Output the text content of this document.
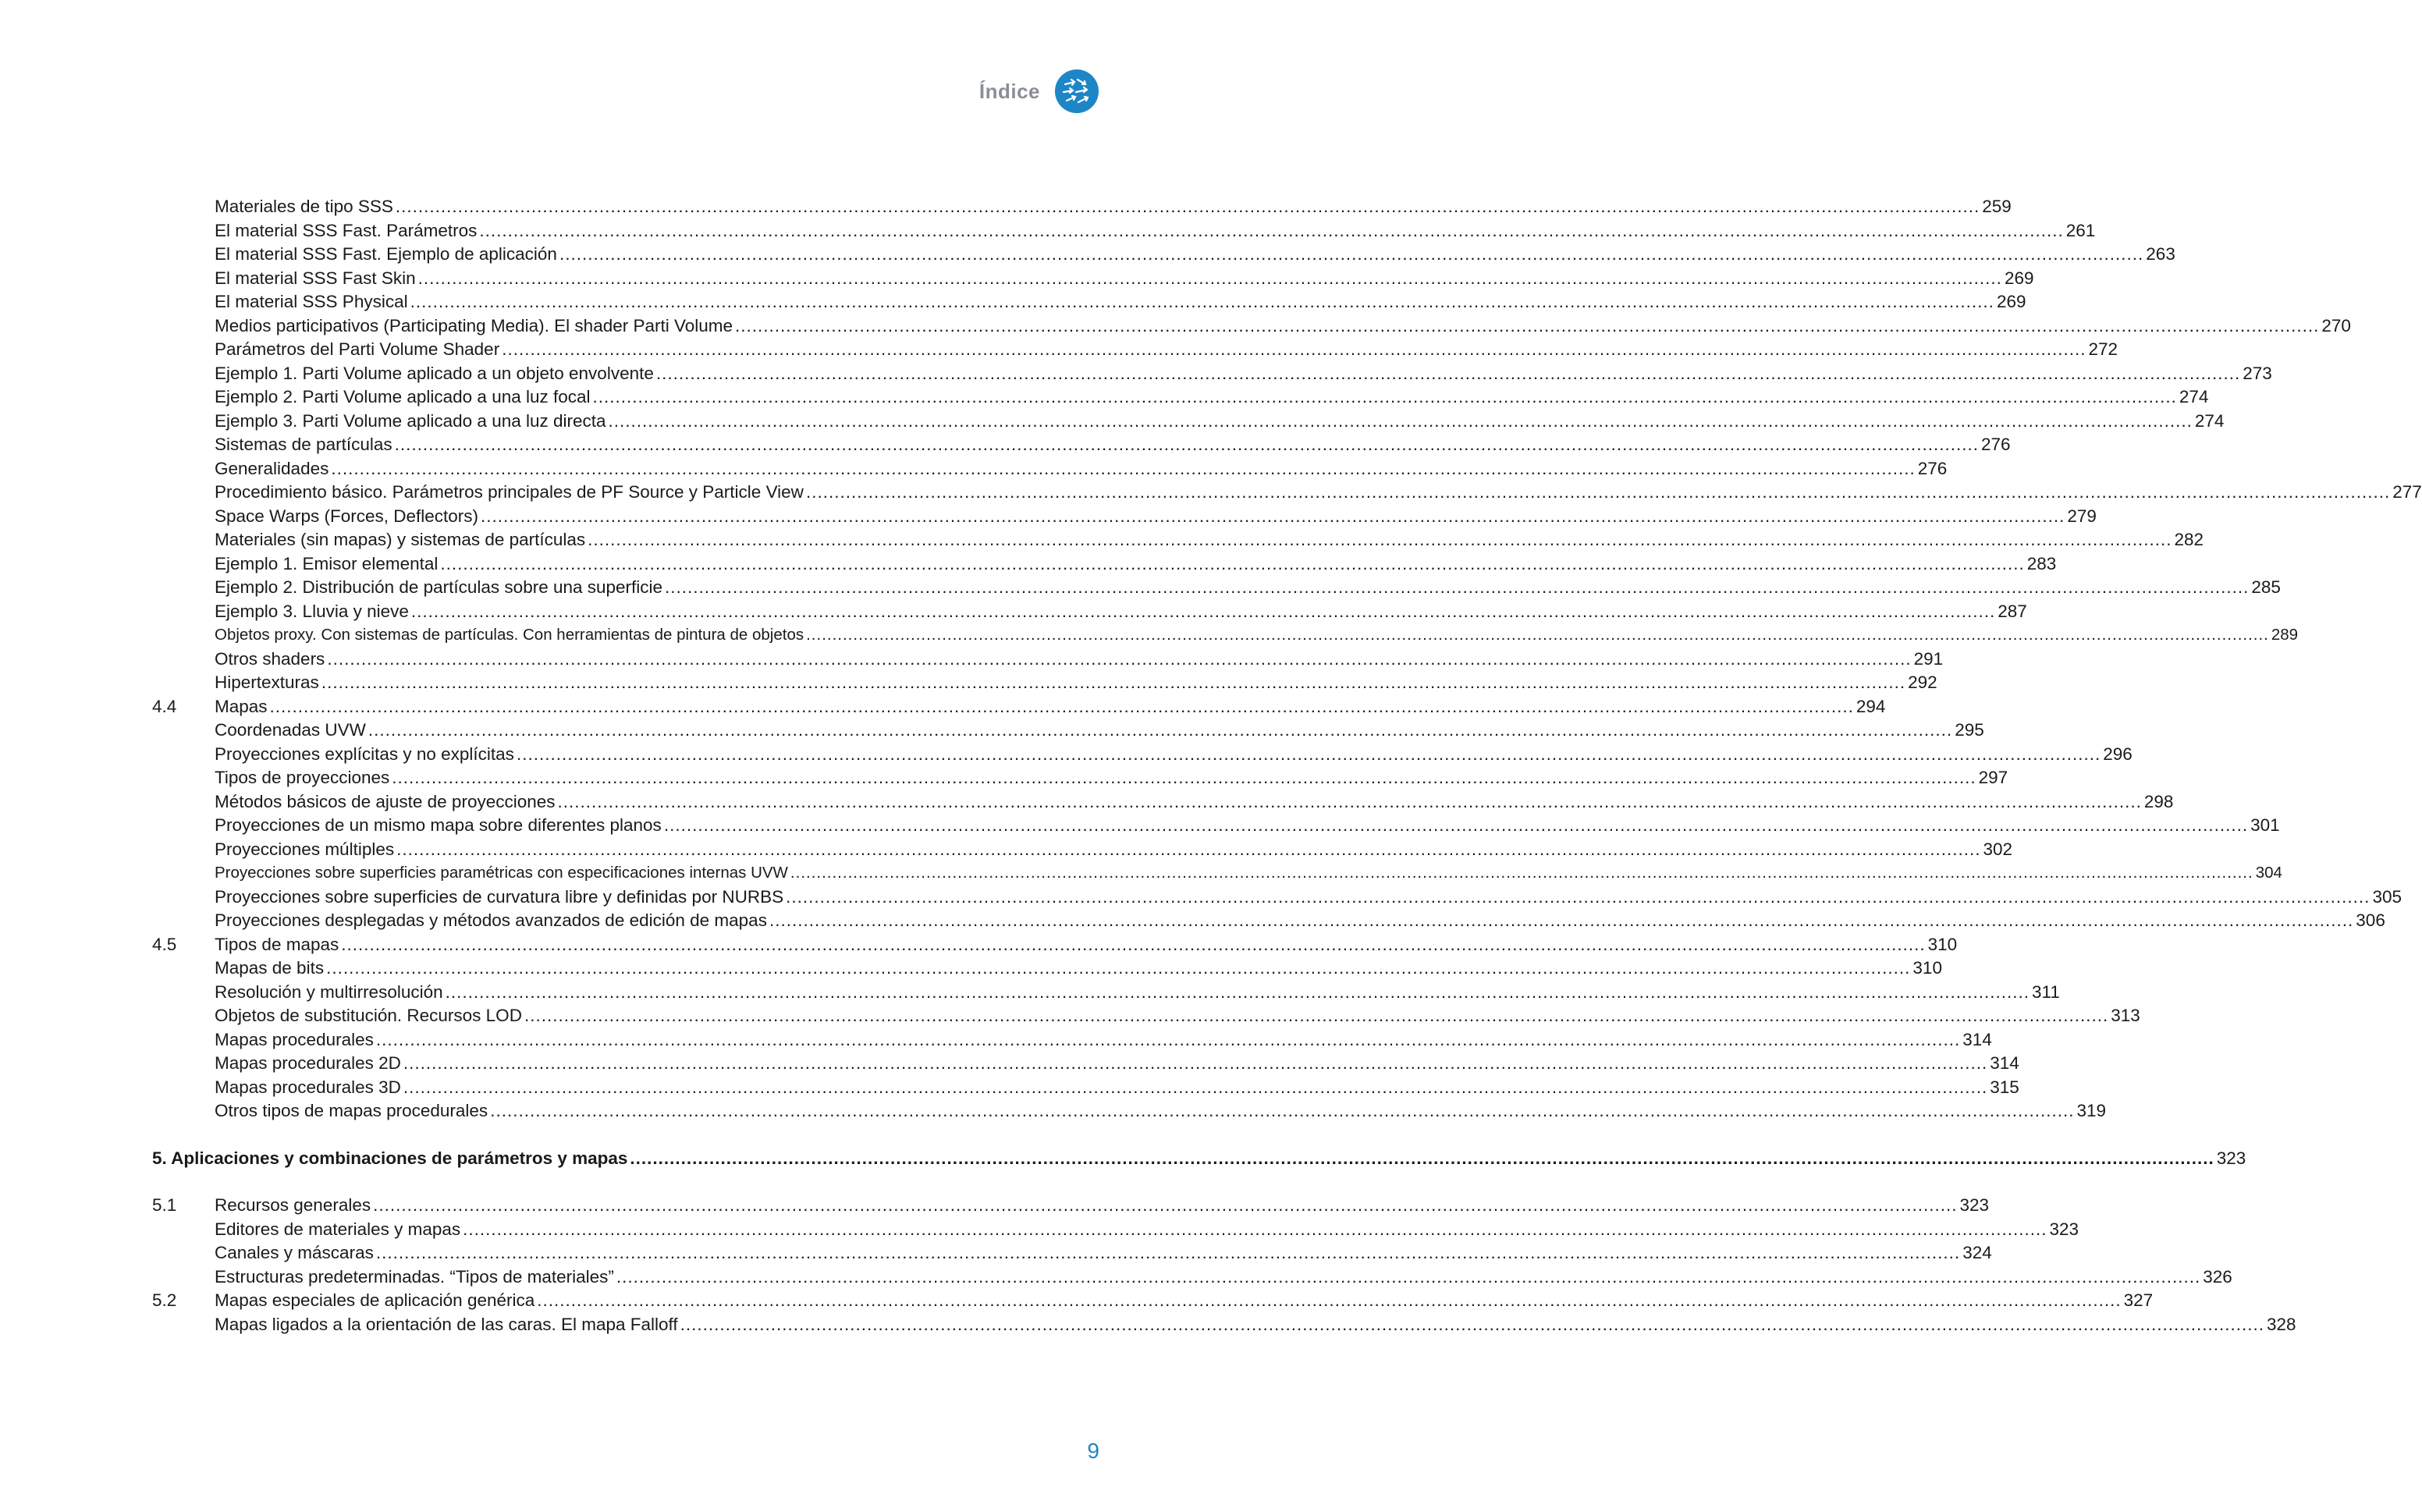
Índice
Materiales de tipo SSS .....	259
El material SSS Fast. Parámetros .....	261
El material SSS Fast. Ejemplo de aplicación .....	263
El material SSS Fast Skin .....	269
El material SSS Physical .....	269
Medios participativos (Participating Media). El shader Parti Volume .....	270
Parámetros del Parti Volume Shader .....	272
Ejemplo 1. Parti Volume aplicado a un objeto envolvente .....	273
Ejemplo 2. Parti Volume aplicado a una luz focal .....	274
Ejemplo 3. Parti Volume aplicado a una luz directa .....	274
Sistemas de partículas .....	276
Generalidades .....	276
Procedimiento básico. Parámetros principales de PF Source y Particle View .....	277
Space Warps (Forces, Deflectors) .....	279
Materiales (sin mapas) y sistemas de partículas .....	282
Ejemplo 1. Emisor elemental .....	283
Ejemplo 2. Distribución de partículas sobre una superficie .....	285
Ejemplo 3. Lluvia y nieve .....	287
Objetos proxy. Con sistemas de partículas. Con herramientas de pintura de objetos .....	289
Otros shaders .....	291
Hipertexturas .....	292
4.4	Mapas .....	294
Coordenadas UVW .....	295
Proyecciones explícitas y no explícitas .....	296
Tipos de proyecciones .....	297
Métodos básicos de ajuste de proyecciones .....	298
Proyecciones de un mismo mapa sobre diferentes planos .....	301
Proyecciones múltiples .....	302
Proyecciones sobre superficies paramétricas con especificaciones internas UVW .....	304
Proyecciones sobre superficies de curvatura libre y definidas por NURBS .....	305
Proyecciones desplegadas y métodos avanzados de edición de mapas .....	306
4.5	Tipos de mapas .....	310
Mapas de bits .....	310
Resolución y multirresolución .....	311
Objetos de substitución. Recursos LOD .....	313
Mapas procedurales .....	314
Mapas procedurales 2D .....	314
Mapas procedurales 3D .....	315
Otros tipos de mapas procedurales .....	319
5. Aplicaciones y combinaciones de parámetros y mapas .....	323
5.1	Recursos generales .....	323
Editores de materiales y mapas .....	323
Canales y máscaras .....	324
Estructuras predeterminadas. “Tipos de materiales” .....	326
5.2	Mapas especiales de aplicación genérica .....	327
Mapas ligados a la orientación de las caras. El mapa Falloff .....	328
9
